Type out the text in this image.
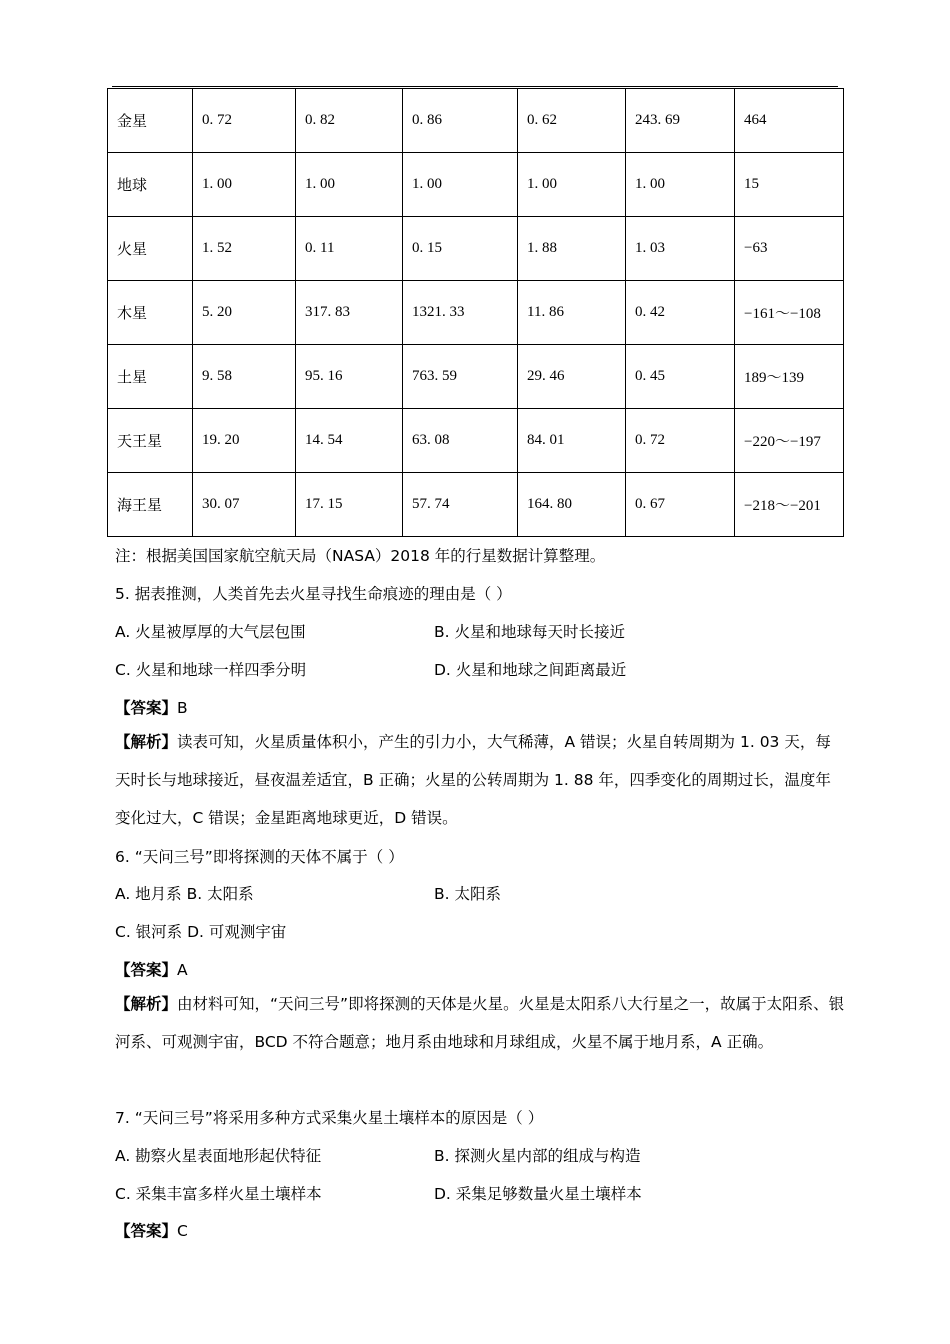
金星	0. 72	0. 82	0. 86	0. 62	243. 69	464
地球	1. 00	1. 00	1. 00	1. 00	1. 00	15
火星	1. 52	0. 11	0. 15	1. 88	1. 03	−63
木星	5. 20	317. 83	1321. 33	11. 86	0. 42	−161～−108
土星	9. 58	95. 16	763. 59	29. 46	0. 45	189～139
天王星	19. 20	14. 54	63. 08	84. 01	0. 72	−220～−197
海王星	30. 07	17. 15	57. 74	164. 80	0. 67	−218～−201
注：根据美国国家航空航天局（NASA）2018 年的行星数据计算整理。
5. 据表推测，人类首先去火星寻找生命痕迹的理由是（ ）
A. 火星被厚厚的大气层包围	B. 火星和地球每天时长接近
C. 火星和地球一样四季分明	D. 火星和地球之间距离最近
【答案】B
【解析】读表可知，火星质量体积小，产生的引力小，大气稀薄，A 错误；火星自转周期为 1. 03 天，每天时长与地球接近，昼夜温差适宜，B 正确；火星的公转周期为 1. 88 年，四季变化的周期过长，温度年变化过大，C 错误；金星距离地球更近，D 错误。
6. “天问三号”即将探测的天体不属于（ ）
A. 地月系 B. 太阳系	B. 太阳系
C. 银河系 D. 可观测宇宙
【答案】A
【解析】由材料可知，“天问三号”即将探测的天体是火星。火星是太阳系八大行星之一，故属于太阳系、银河系、可观测宇宙，BCD 不符合题意；地月系由地球和月球组成，火星不属于地月系，A 正确。
7. “天问三号”将采用多种方式采集火星土壤样本的原因是（ ）
A. 勘察火星表面地形起伏特征	B. 探测火星内部的组成与构造
C. 采集丰富多样火星土壤样本	D. 采集足够数量火星土壤样本
【答案】C
